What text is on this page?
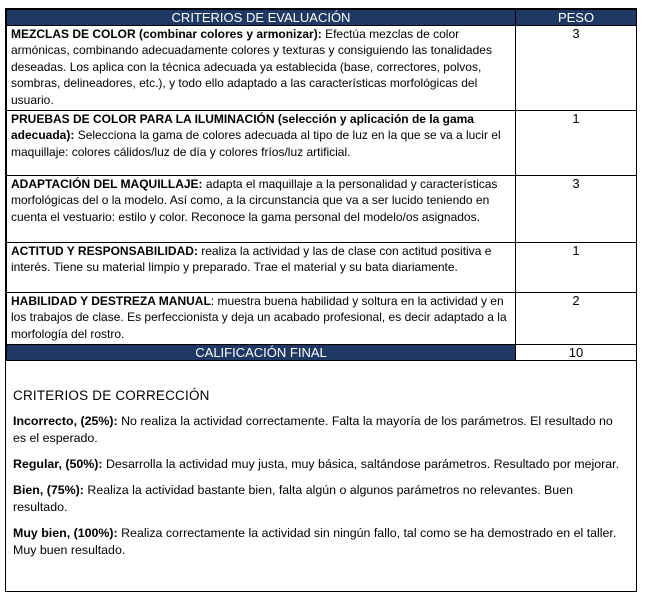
CRITERIOS DE EVALUACIÓN	PESO
MEZCLAS DE COLOR (combinar colores y armonizar): Efectúa mezclas de color armónicas, combinando adecuadamente colores y texturas y consiguiendo las tonalidades deseadas. Los aplica con la técnica adecuada ya establecida (base, correctores, polvos, sombras, delineadores, etc.), y todo ello adaptado a las características morfológicas del usuario.	3
PRUEBAS DE COLOR PARA LA ILUMINACIÓN (selección y aplicación de la gama adecuada): Selecciona la gama de colores adecuada al tipo de luz en la que se va a lucir el maquillaje: colores cálidos/luz de día y colores fríos/luz artificial.	1
ADAPTACIÓN DEL MAQUILLAJE: adapta el maquillaje a la personalidad y características morfológicas del o la modelo. Así como, a la circunstancia que va a ser lucido teniendo en cuenta el vestuario: estilo y color. Reconoce la gama personal del modelo/os asignados.	3
ACTITUD Y RESPONSABILIDAD: realiza la actividad y las de clase con actitud positiva e interés. Tiene su material limpio y preparado. Trae el material y su bata diariamente.	1
HABILIDAD Y DESTREZA MANUAL: muestra buena habilidad y soltura en la actividad y en los trabajos de clase. Es perfeccionista y deja un acabado profesional, es decir adaptado a la morfología del rostro.	2
CALIFICACIÓN FINAL	10
CRITERIOS DE CORRECCIÓN

Incorrecto, (25%): No realiza la actividad correctamente. Falta la mayoría de los parámetros. El resultado no es el esperado.

Regular, (50%): Desarrolla la actividad muy justa, muy básica, saltándose parámetros. Resultado por mejorar.

Bien, (75%): Realiza la actividad bastante bien, falta algún o algunos parámetros no relevantes. Buen resultado.

Muy bien, (100%): Realiza correctamente la actividad sin ningún fallo, tal como se ha demostrado en el taller. Muy buen resultado.
